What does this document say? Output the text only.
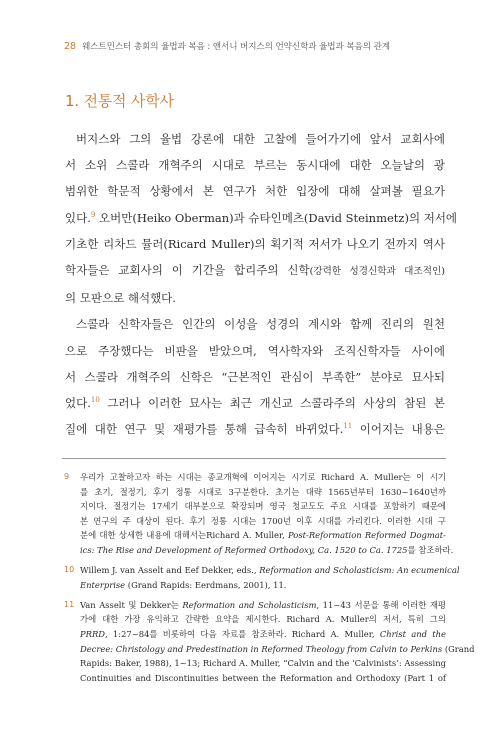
28 웨스트민스터 총회의 율법과 복음 : 앤서니 버지스의 언약신학과 율법과 복음의 관계
1. 전통적 사학사
버지스와 그의 율법 강론에 대한 고찰에 들어가기에 앞서 교회사에
서 소위 스콜라 개혁주의 시대로 부르는 동시대에 대한 오늘날의 광
범위한 학문적 상황에서 본 연구가 처한 입장에 대해 살펴볼 필요가
있다.$^9$ 오버만(Heiko Oberman)과 슈타인메츠(David Steinmetz)의 저서에
기초한 리차드 뮬러(Ricard Muller)의 획기적 저서가 나오기 전까지 역사
학자들은 교회사의 이 기간을 합리주의 신학(강력한 성경신학과 대조적인)
의 모판으로 해석했다.
스콜라 신학자들은 인간의 이성을 성경의 계시와 함께 진리의 원천
으로 주장했다는 비판을 받았으며, 역사학자와 조직신학자들 사이에
서 스콜라 개혁주의 신학은 “근본적인 관심이 부족한” 분야로 묘사되
었다.$^{10}$ 그러나 이러한 묘사는 최근 개신교 스콜라주의 사상의 참된 본
질에 대한 연구 및 재평가를 통해 급속히 바뀌었다.$^{11}$ 이어지는 내용은
9 우리가 고찰하고자 하는 시대는 종교개혁에 이어지는 시기로 Richard A. Muller는 이 시기
를 초기, 절정기, 후기 정통 시대로 3구분한다. 초기는 대략 1565년부터 1630~1640년까
지이다. 절정기는 17세기 대부분으로 확장되며 영국 청교도도 주요 시대를 포함하기 때문에
본 연구의 주 대상이 된다. 후기 정통 시대는 1700년 이후 시대를 가리킨다. 이러한 시대 구
분에 대한 상세한 내용에 대해서는Richard A. Muller, Post-Reformation Reformed Dogmat-
ics: The Rise and Development of Reformed Orthodoxy, Ca. 1520 to Ca. 1725를 참조하라.
10 Willem J. van Asselt and Eef Dekker, eds., Reformation and Scholasticism: An ecumenical
Enterprise (Grand Rapids: Eerdmans, 2001), 11.
11 Van Asselt 및 Dekker는 Reformation and Scholasticism, 11~43 서문을 통해 이러한 재평
가에 대한 가장 유익하고 간략한 요약을 제시한다. Richard A. Muller의 저서, 특히 그의
PRRD, 1:27~84를 비롯하여 다음 자료를 참조하라. Richard A. Muller, Christ and the
Decree: Christology and Predestination in Reformed Theology from Calvin to Perkins (Grand
Rapids: Baker, 1988), 1~13; Richard A. Muller, “Calvin and the ‘Calvinists’: Assessing
Continuities and Discontinuities between the Reformation and Orthodoxy (Part 1 of
